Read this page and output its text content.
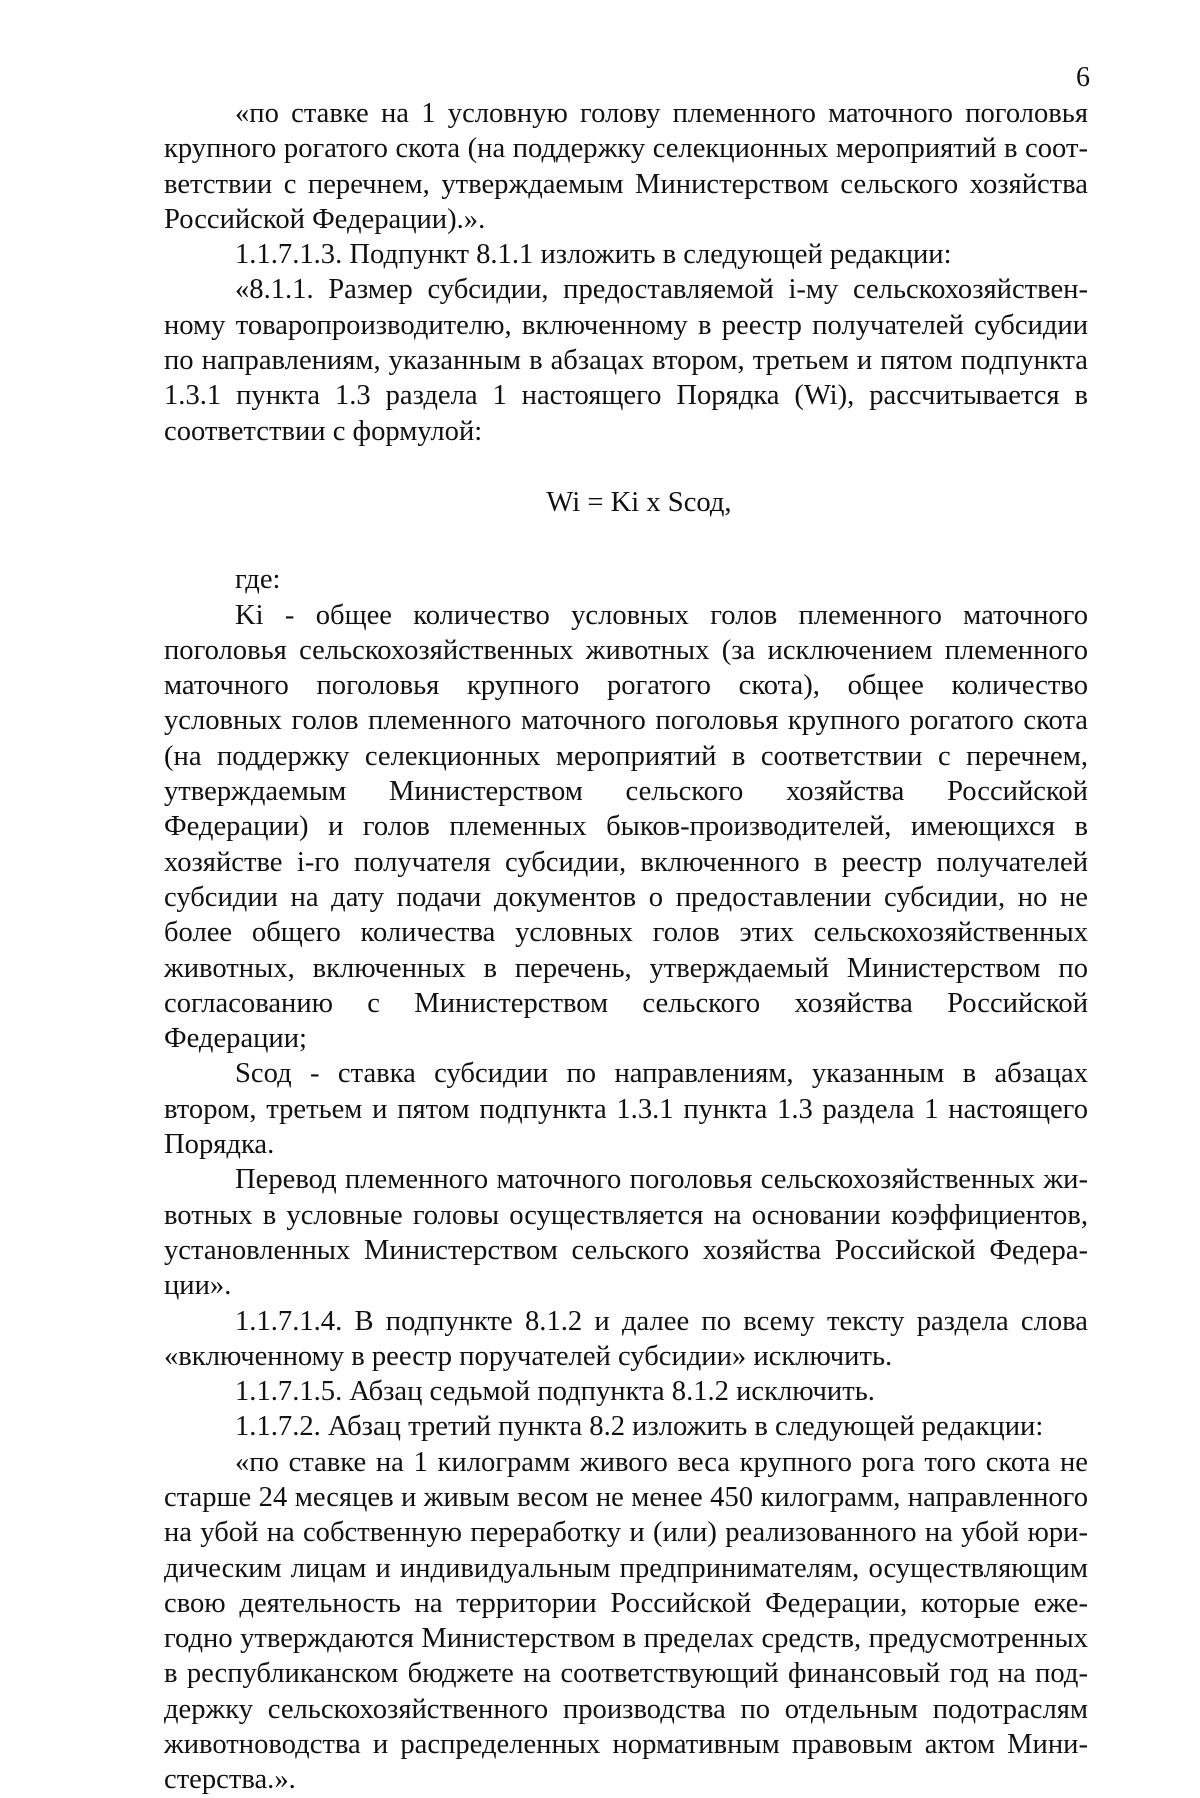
6

«по ставке на 1 условную голову племенного маточного поголовья крупного рогатого скота (на поддержку селекционных мероприятий в соответствии с перечнем, утверждаемым Министерством сельского хозяйства Российской Федерации).».

1.1.7.1.3. Подпункт 8.1.1 изложить в следующей редакции:

«8.1.1. Размер субсидии, предоставляемой i-му сельскохозяйственному товаропроизводителю, включенному в реестр получателей субсидии по направлениям, указанным в абзацах втором, третьем и пятом подпункта 1.3.1 пункта 1.3 раздела 1 настоящего Порядка (Wi), рассчитывается в соответствии с формулой:

Wi = Ki x Sсод,

где:

Ki - общее количество условных голов племенного маточного поголовья сельскохозяйственных животных (за исключением племенного маточного поголовья крупного рогатого скота), общее количество условных голов племенного маточного поголовья крупного рогатого скота (на поддержку селекционных мероприятий в соответствии с перечнем, утверждаемым Министерством сельского хозяйства Российской Федерации) и голов племенных быков-производителей, имеющихся в хозяйстве i-го получателя субсидии, включенного в реестр получателей субсидии на дату подачи документов о предоставлении субсидии, но не более общего количества условных голов этих сельскохозяйственных животных, включенных в перечень, утверждаемый Министерством по согласованию с Министерством сельского хозяйства Российской Федерации;

Sсод - ставка субсидии по направлениям, указанным в абзацах втором, третьем и пятом подпункта 1.3.1 пункта 1.3 раздела 1 настоящего Порядка.

Перевод племенного маточного поголовья сельскохозяйственных животных в условные головы осуществляется на основании коэффициентов, установленных Министерством сельского хозяйства Российской Федерации».

1.1.7.1.4. В подпункте 8.1.2 и далее по всему тексту раздела слова «включенному в реестр поручателей субсидии» исключить.

1.1.7.1.5. Абзац седьмой подпункта 8.1.2 исключить.

1.1.7.2. Абзац третий пункта 8.2 изложить в следующей редакции:

«по ставке на 1 килограмм живого веса крупного рога того скота не старше 24 месяцев и живым весом не менее 450 килограмм, направленного на убой на собственную переработку и (или) реализованного на убой юридическим лицам и индивидуальным предпринимателям, осуществляющим свою деятельность на территории Российской Федерации, которые ежегодно утверждаются Министерством в пределах средств, предусмотренных в республиканском бюджете на соответствующий финансовый год на поддержку сельскохозяйственного производства по отдельным подотраслям животноводства и распределенных нормативным правовым актом Министерства.».
